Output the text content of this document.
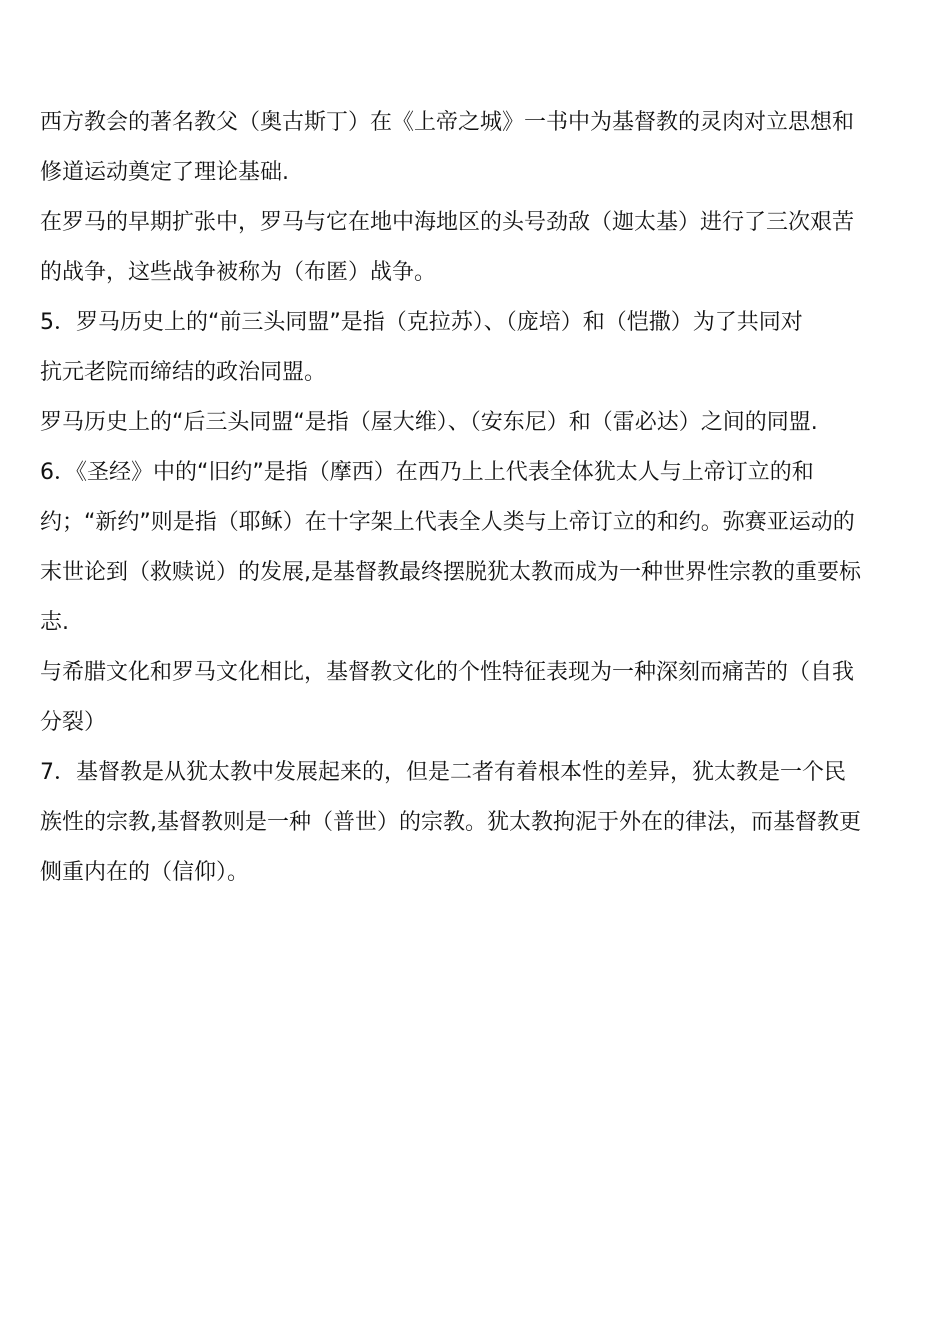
西方教会的著名教父（奥古斯丁）在《上帝之城》一书中为基督教的灵肉对立思想和
修道运动奠定了理论基础.
在罗马的早期扩张中，罗马与它在地中海地区的头号劲敌（迦太基）进行了三次艰苦
的战争，这些战争被称为（布匿）战争。
5．罗马历史上的“前三头同盟”是指（克拉苏）、（庞培）和（恺撒）为了共同对
抗元老院而缔结的政治同盟。
罗马历史上的“后三头同盟“是指（屋大维）、（安东尼）和（雷必达）之间的同盟.
6．《圣经》中的“旧约”是指（摩西）在西乃上上代表全体犹太人与上帝订立的和
约；“新约”则是指（耶稣）在十字架上代表全人类与上帝订立的和约。弥赛亚运动的
末世论到（救赎说）的发展,是基督教最终摆脱犹太教而成为一种世界性宗教的重要标
志.
与希腊文化和罗马文化相比，基督教文化的个性特征表现为一种深刻而痛苦的（自我
分裂）
7．基督教是从犹太教中发展起来的，但是二者有着根本性的差异，犹太教是一个民
族性的宗教,基督教则是一种（普世）的宗教。犹太教拘泥于外在的律法，而基督教更
侧重内在的（信仰）。
